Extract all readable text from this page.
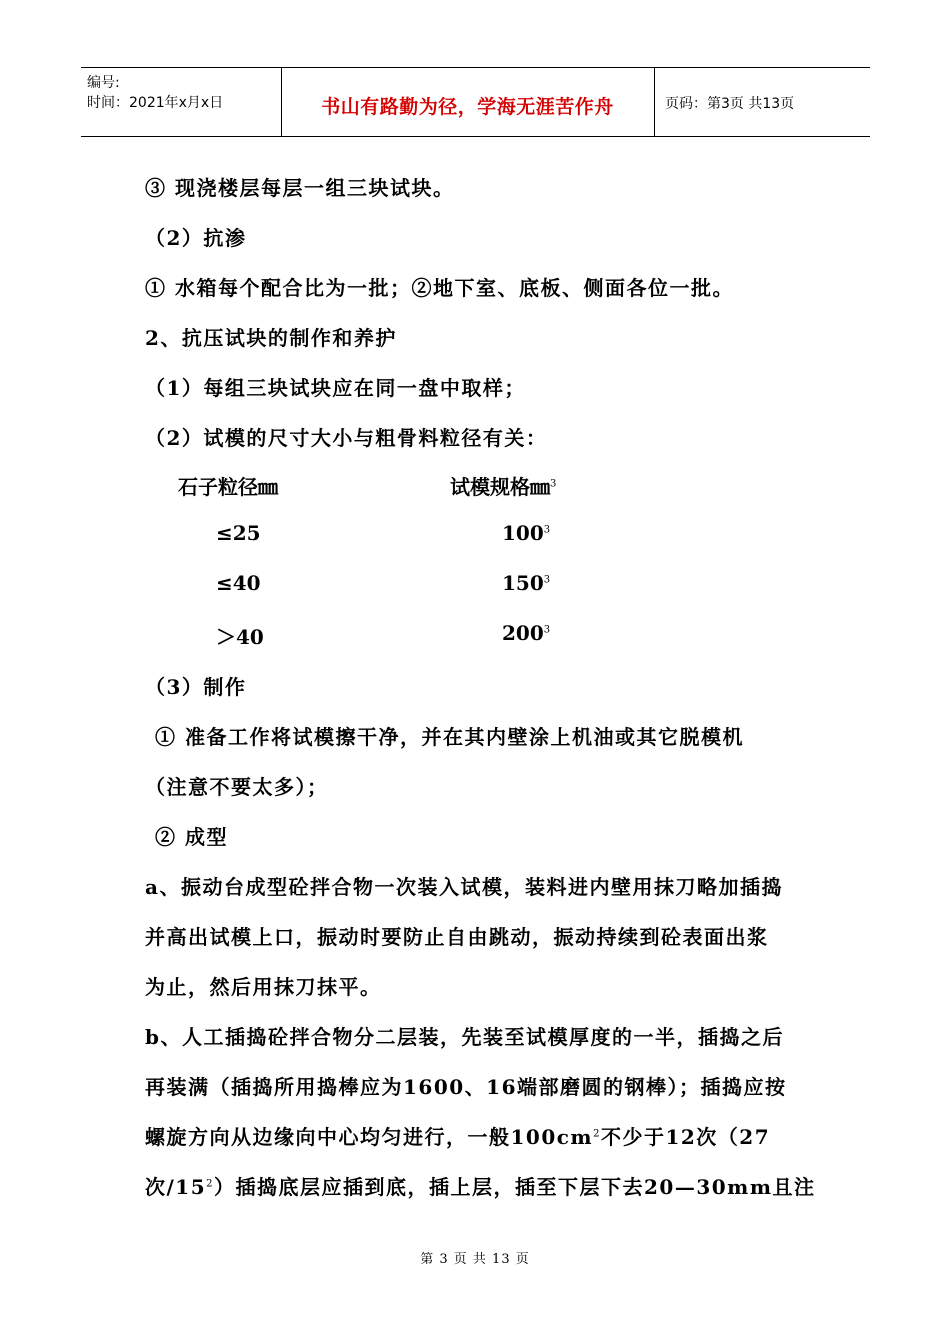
编号:
时间：2021年x月x日	书山有路勤为径，学海无涯苦作舟	页码：第3页 共13页
③ 现浇楼层每层一组三块试块。
（2）抗渗
① 水箱每个配合比为一批；②地下室、底板、侧面各位一批。
2、抗压试块的制作和养护
（1）每组三块试块应在同一盘中取样；
（2）试模的尺寸大小与粗骨料粒径有关：
石子粒径㎜	试模规格㎜$^3$
≤25	$100^3$
≤40	$150^3$
＞40	$200^3$
（3）制作
① 准备工作将试模擦干净，并在其内壁涂上机油或其它脱模机
（注意不要太多）；
② 成型
a、振动台成型砼拌合物一次装入试模，装料进内壁用抹刀略加插捣
并高出试模上口，振动时要防止自由跳动，振动持续到砼表面出浆
为止，然后用抹刀抹平。
b、人工插捣砼拌合物分二层装，先装至试模厚度的一半，插捣之后
再装满（插捣所用捣棒应为1600、16端部磨圆的钢棒）；插捣应按
螺旋方向从边缘向中心均匀进行，一般$100cm^2$不少于12次（27
次$/15^2$）插捣底层应插到底，插上层，插至下层下去20—30mm且注
第 3 页 共 13 页
